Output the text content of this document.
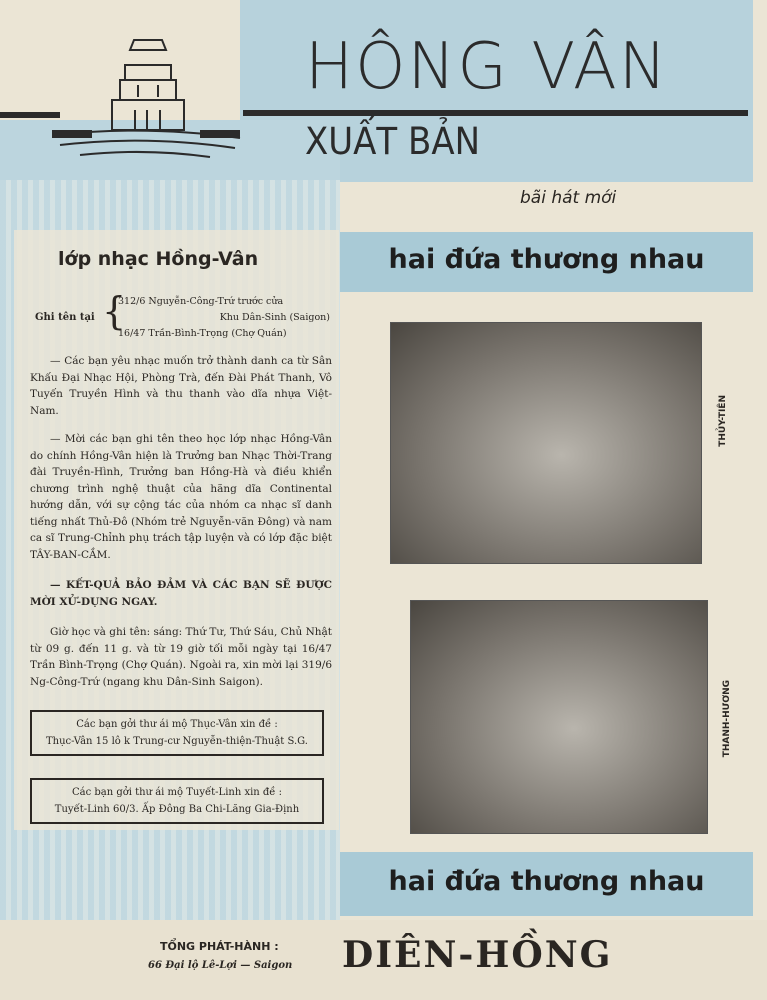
HÔNG VÂN
XUẤT BẢN
bãi hát mới
hai đứa thương nhau
THỦY-TIÊN
THANH-HƯƠNG
hai đứa thương nhau
lớp nhạc Hồng-Vân
Ghi tên tại {

312/6 Nguyễn-Công-Trứ trước cửa

Khu Dân-Sinh (Saigon)

16/47 Trần-Bình-Trọng (Chợ Quán)

— Các bạn yêu nhạc muốn trở thành danh ca từ Sân Khấu Đại Nhạc Hội, Phòng Trà, đến Đài Phát Thanh, Vô Tuyến Truyền Hình và thu thanh vào dĩa nhựa Việt-Nam.

— Mời các bạn ghi tên theo học lớp nhạc Hồng-Vân do chính Hồng-Vân hiện là Trưởng ban Nhạc Thời-Trang đài Truyền-Hình, Trưởng ban Hồng-Hà và điều khiển chương trình nghệ thuật của hãng dĩa Continental hướng dẫn, với sự cộng tác của nhóm ca nhạc sĩ danh tiếng nhất Thủ-Đô (Nhóm trẻ Nguyễn-văn Đông) và nam ca sĩ Trung-Chỉnh phụ trách tập luyện và có lớp đặc biệt TÂY-BAN-CẦM.

— KẾT-QUẢ BẢO ĐẢM VÀ CÁC BẠN SẼ ĐƯỢC MỜI XỬ-DỤNG NGAY.

Giờ học và ghi tên: sáng: Thứ Tư, Thứ Sáu, Chủ Nhật từ 09 g. đến 11 g. và từ 19 giờ tối mỗi ngày tại 16/47 Trần Bình-Trọng (Chợ Quán). Ngoài ra, xin mời lại 319/6 Ng-Công-Trứ (ngang khu Dân-Sinh Saigon).

Các bạn gởi thư ái mộ Thục-Vân xin đề :

Thục-Vân 15 lô k Trung-cư Nguyễn-thiện-Thuật S.G.

Các bạn gởi thư ái mộ Tuyết-Linh xin đề :

Tuyết-Linh 60/3. Ấp Đông Ba Chi-Lăng Gia-Định

TỔNG PHÁT-HÀNH :
66 Đại lộ Lê-Lợi — Saigon DIÊN-HỒNG
